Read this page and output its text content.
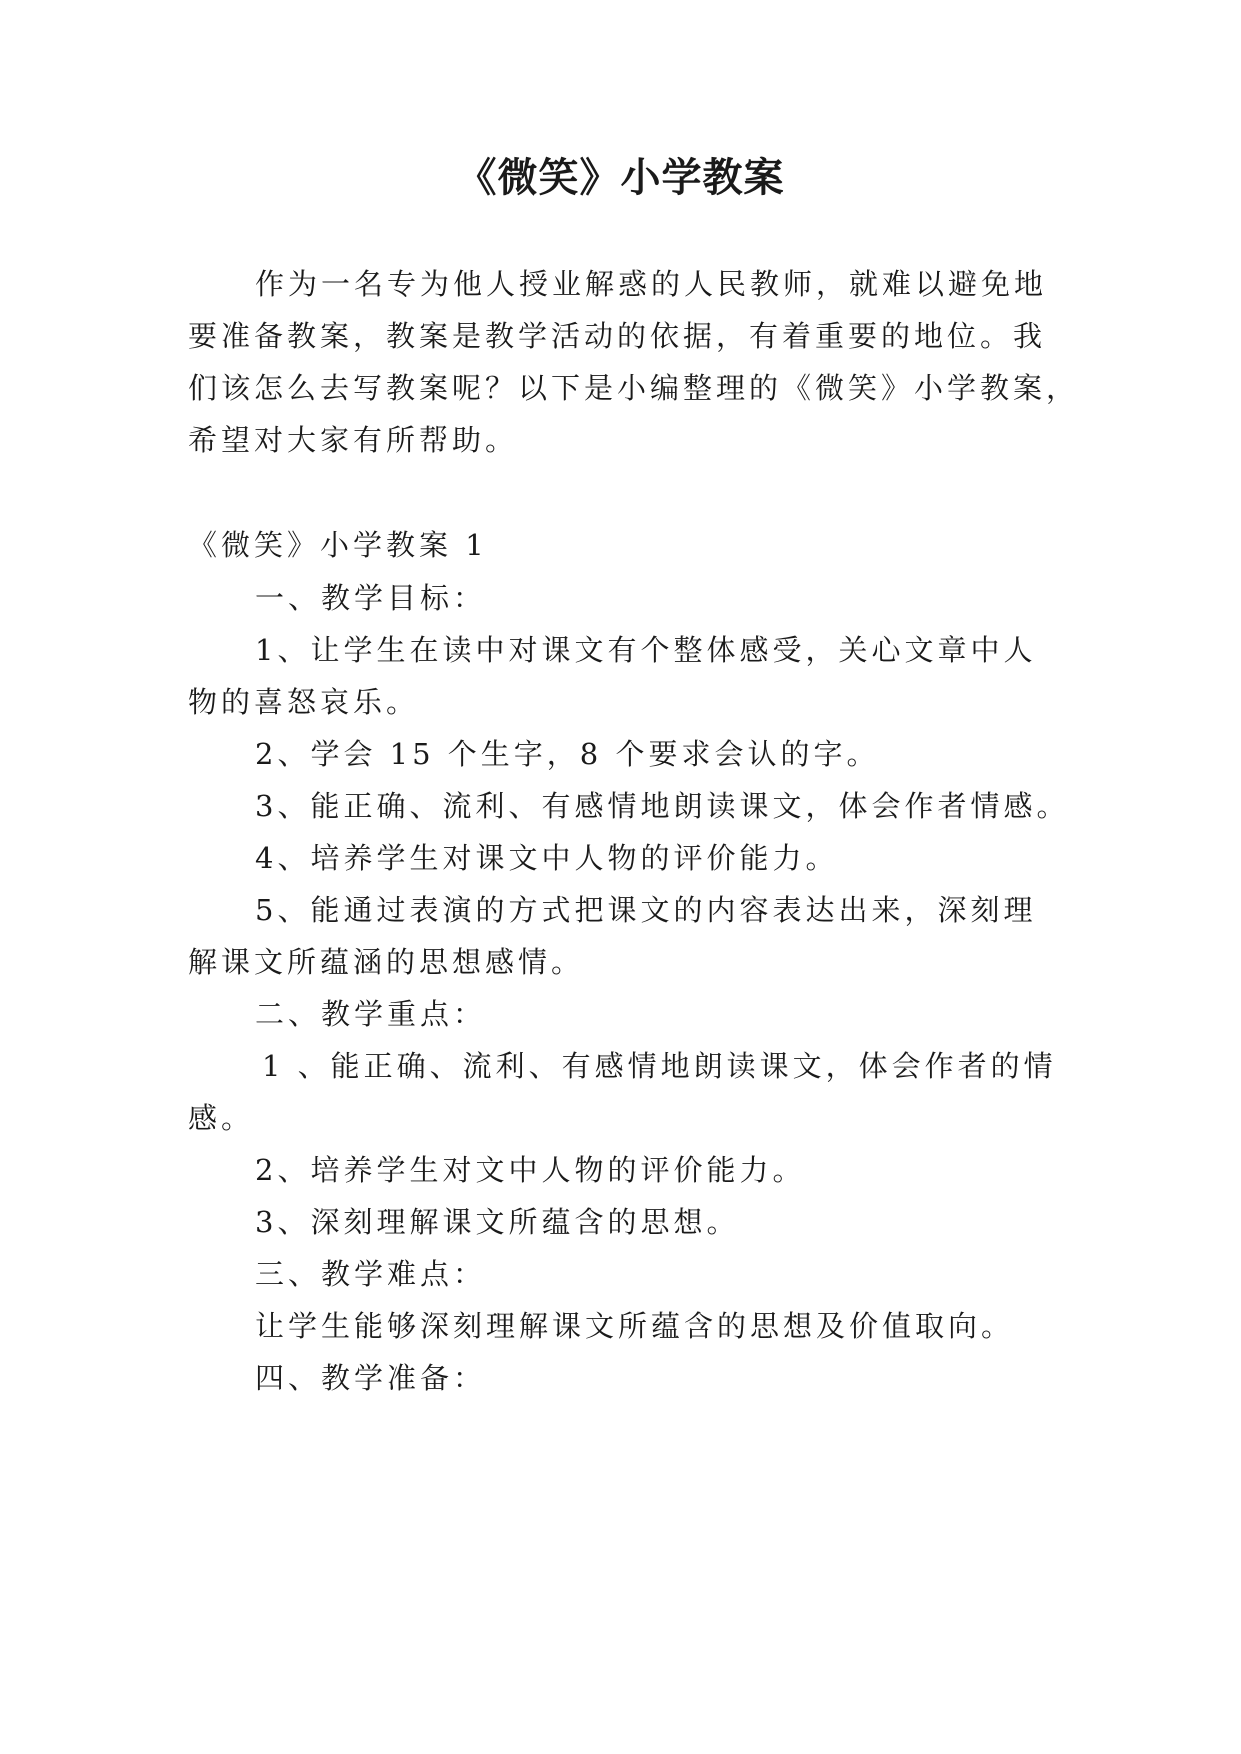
《微笑》小学教案
作为一名专为他人授业解惑的人民教师，就难以避免地
要准备教案，教案是教学活动的依据，有着重要的地位。我
们该怎么去写教案呢？以下是小编整理的《微笑》小学教案，
希望对大家有所帮助。
《微笑》小学教案 1
一、教学目标：
1、让学生在读中对课文有个整体感受，关心文章中人
物的喜怒哀乐。
2、学会 15 个生字，8 个要求会认的字。
3、能正确、流利、有感情地朗读课文，体会作者情感。
4、培养学生对课文中人物的评价能力。
5、能通过表演的方式把课文的内容表达出来，深刻理
解课文所蕴涵的思想感情。
二、教学重点：
1 、能正确、流利、有感情地朗读课文，体会作者的情
感。
2、培养学生对文中人物的评价能力。
3、深刻理解课文所蕴含的思想。
三、教学难点：
让学生能够深刻理解课文所蕴含的思想及价值取向。
四、教学准备：
